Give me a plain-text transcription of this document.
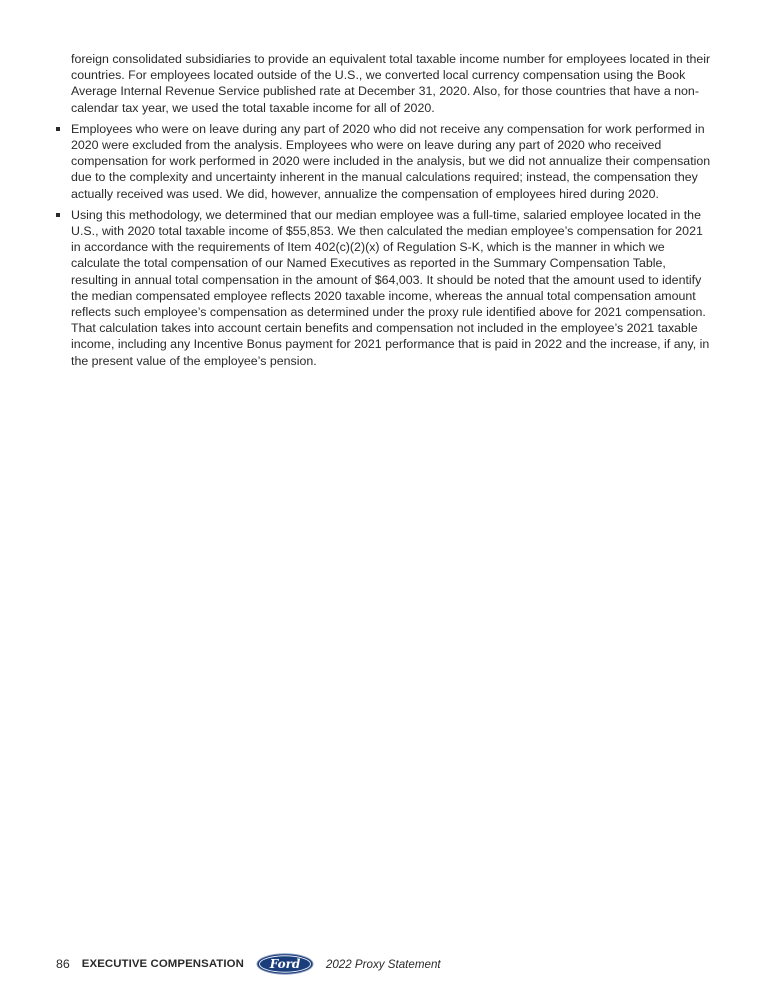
foreign consolidated subsidiaries to provide an equivalent total taxable income number for employees located in their countries. For employees located outside of the U.S., we converted local currency compensation using the Book Average Internal Revenue Service published rate at December 31, 2020. Also, for those countries that have a non-calendar tax year, we used the total taxable income for all of 2020.

Employees who were on leave during any part of 2020 who did not receive any compensation for work performed in 2020 were excluded from the analysis. Employees who were on leave during any part of 2020 who received compensation for work performed in 2020 were included in the analysis, but we did not annualize their compensation due to the complexity and uncertainty inherent in the manual calculations required; instead, the compensation they actually received was used. We did, however, annualize the compensation of employees hired during 2020.

Using this methodology, we determined that our median employee was a full-time, salaried employee located in the U.S., with 2020 total taxable income of $55,853. We then calculated the median employee’s compensation for 2021 in accordance with the requirements of Item 402(c)(2)(x) of Regulation S-K, which is the manner in which we calculate the total compensation of our Named Executives as reported in the Summary Compensation Table, resulting in annual total compensation in the amount of $64,003. It should be noted that the amount used to identify the median compensated employee reflects 2020 taxable income, whereas the annual total compensation amount reflects such employee’s compensation as determined under the proxy rule identified above for 2021 compensation. That calculation takes into account certain benefits and compensation not included in the employee’s 2021 taxable income, including any Incentive Bonus payment for 2021 performance that is paid in 2022 and the increase, if any, in the present value of the employee’s pension.

86 EXECUTIVE COMPENSATION Ford 2022 Proxy Statement
